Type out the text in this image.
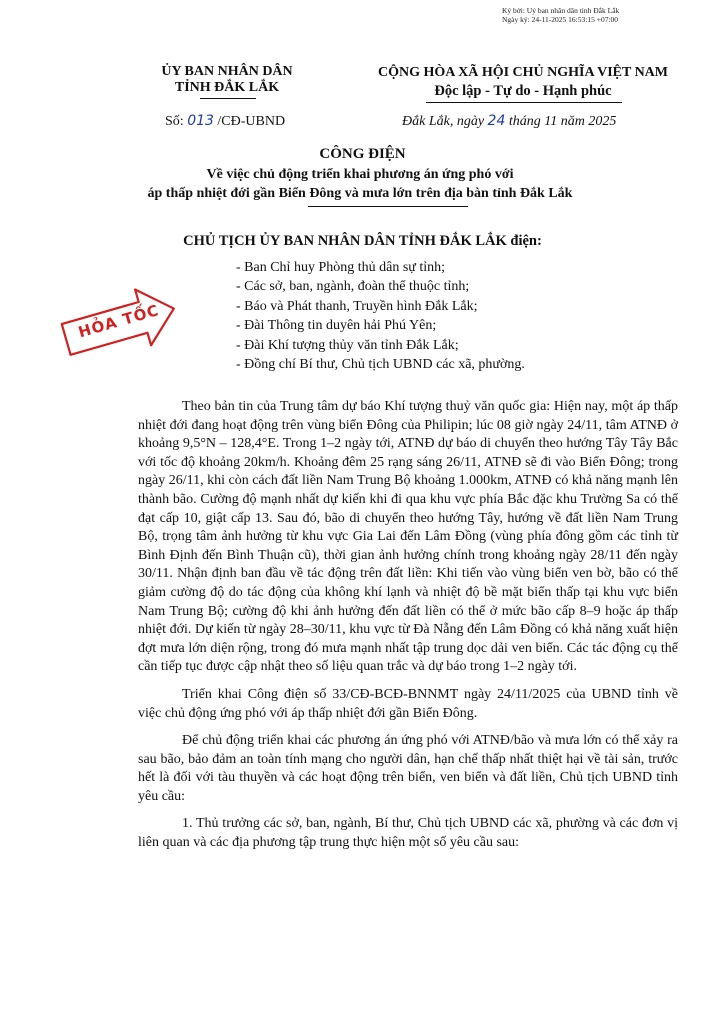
Ký bởi: Uỷ ban nhân dân tỉnh Đắk Lắk
Ngày ký: 24-11-2025 16:53:15 +07:00
ỦY BAN NHÂN DÂN
TỈNH ĐẮK LẮK
CỘNG HÒA XÃ HỘI CHỦ NGHĨA VIỆT NAM
Độc lập - Tự do - Hạnh phúc
Số: 013 /CĐ-UBND	Đắk Lắk, ngày 24 tháng 11 năm 2025
CÔNG ĐIỆN
Về việc chủ động triển khai phương án ứng phó với
áp thấp nhiệt đới gần Biển Đông và mưa lớn trên địa bàn tỉnh Đắk Lắk
CHỦ TỊCH ỦY BAN NHÂN DÂN TỈNH ĐẮK LẮK điện:
- Ban Chỉ huy Phòng thủ dân sự tỉnh;
- Các sở, ban, ngành, đoàn thể thuộc tỉnh;
- Báo và Phát thanh, Truyền hình Đắk Lắk;
- Đài Thông tin duyên hải Phú Yên;
- Đài Khí tượng thủy văn tỉnh Đắk Lắk;
- Đồng chí Bí thư, Chủ tịch UBND các xã, phường.
HỎA TỐC

Theo bản tin của Trung tâm dự báo Khí tượng thuỷ văn quốc gia: Hiện nay, một áp thấp nhiệt đới đang hoạt động trên vùng biển Đông của Philipin; lúc 08 giờ ngày 24/11, tâm ATNĐ ở khoảng 9,5°N – 128,4°E. Trong 1–2 ngày tới, ATNĐ dự báo di chuyển theo hướng Tây Tây Bắc với tốc độ khoảng 20km/h. Khoảng đêm 25 rạng sáng 26/11, ATNĐ sẽ đi vào Biển Đông; trong ngày 26/11, khi còn cách đất liền Nam Trung Bộ khoảng 1.000km, ATNĐ có khả năng mạnh lên thành bão. Cường độ mạnh nhất dự kiến khi đi qua khu vực phía Bắc đặc khu Trường Sa có thể đạt cấp 10, giật cấp 13. Sau đó, bão di chuyển theo hướng Tây, hướng về đất liền Nam Trung Bộ, trọng tâm ảnh hưởng từ khu vực Gia Lai đến Lâm Đồng (vùng phía đông gồm các tỉnh từ Bình Định đến Bình Thuận cũ), thời gian ảnh hưởng chính trong khoảng ngày 28/11 đến ngày 30/11. Nhận định ban đầu về tác động trên đất liền: Khi tiến vào vùng biển ven bờ, bão có thể giảm cường độ do tác động của không khí lạnh và nhiệt độ bề mặt biển thấp tại khu vực biển Nam Trung Bộ; cường độ khi ảnh hưởng đến đất liền có thể ở mức bão cấp 8–9 hoặc áp thấp nhiệt đới. Dự kiến từ ngày 28–30/11, khu vực từ Đà Nẵng đến Lâm Đồng có khả năng xuất hiện đợt mưa lớn diện rộng, trong đó mưa mạnh nhất tập trung dọc dải ven biển. Các tác động cụ thể cần tiếp tục được cập nhật theo số liệu quan trắc và dự báo trong 1–2 ngày tới.

Triển khai Công điện số 33/CĐ-BCĐ-BNNMT ngày 24/11/2025 của UBND tỉnh về việc chủ động ứng phó với áp thấp nhiệt đới gần Biển Đông.

Để chủ động triển khai các phương án ứng phó với ATNĐ/bão và mưa lớn có thể xảy ra sau bão, bảo đảm an toàn tính mạng cho người dân, hạn chế thấp nhất thiệt hại về tài sản, trước hết là đối với tàu thuyền và các hoạt động trên biển, ven biển và đất liền, Chủ tịch UBND tỉnh yêu cầu:

1. Thủ trưởng các sở, ban, ngành, Bí thư, Chủ tịch UBND các xã, phường và các đơn vị liên quan và các địa phương tập trung thực hiện một số yêu cầu sau:
